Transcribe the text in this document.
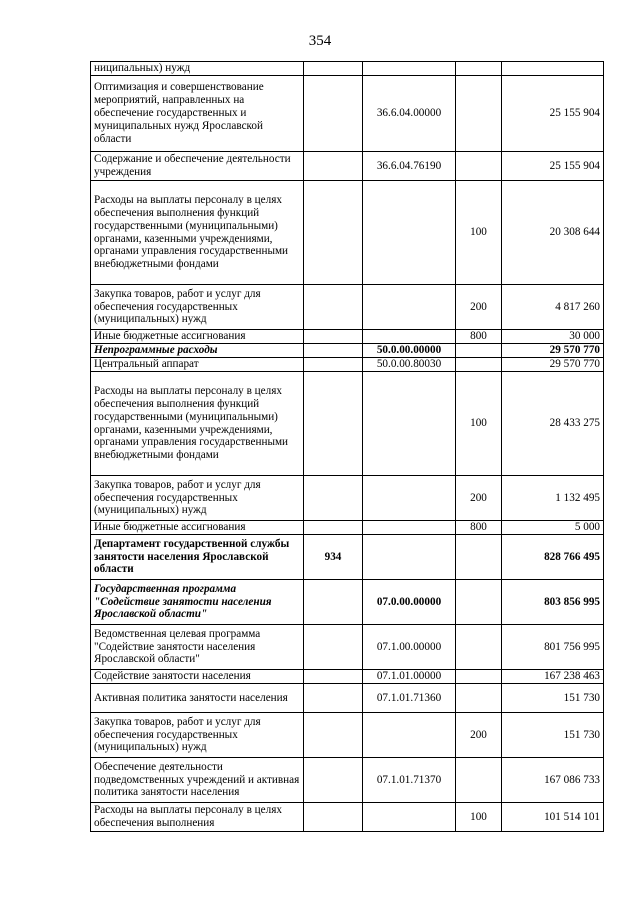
354
ниципальных) нужд				
Оптимизация и совершенствование мероприятий, направленных на обеспечение государственных и муниципальных нужд Ярославской области		36.6.04.00000		25 155 904
Содержание и обеспечение деятельности учреждения		36.6.04.76190		25 155 904
Расходы на выплаты персоналу в целях обеспечения выполнения функций государственными (муниципальными) органами, казенными учреждениями, органами управления государственными внебюджетными фондами			100	20 308 644
Закупка товаров, работ и услуг для обеспечения государственных (муниципальных) нужд			200	4 817 260
Иные бюджетные ассигнования			800	30 000
Непрограммные расходы		50.0.00.00000		29 570 770
Центральный аппарат		50.0.00.80030		29 570 770
Расходы на выплаты персоналу в целях обеспечения выполнения функций государственными (муниципальными) органами, казенными учреждениями, органами управления государственными внебюджетными фондами			100	28 433 275
Закупка товаров, работ и услуг для обеспечения государственных (муниципальных) нужд			200	1 132 495
Иные бюджетные ассигнования			800	5 000
Департамент государственной службы занятости населения Ярославской области	934			828 766 495
Государственная программа "Содействие занятости населения Ярославской области"		07.0.00.00000		803 856 995
Ведомственная целевая программа "Содействие занятости населения Ярославской области"		07.1.00.00000		801 756 995
Содействие занятости населения		07.1.01.00000		167 238 463
Активная политика занятости населения		07.1.01.71360		151 730
Закупка товаров, работ и услуг для обеспечения государственных (муниципальных) нужд			200	151 730
Обеспечение деятельности подведомственных учреждений и активная политика занятости населения		07.1.01.71370		167 086 733
Расходы на выплаты персоналу в целях обеспечения выполнения			100	101 514 101
